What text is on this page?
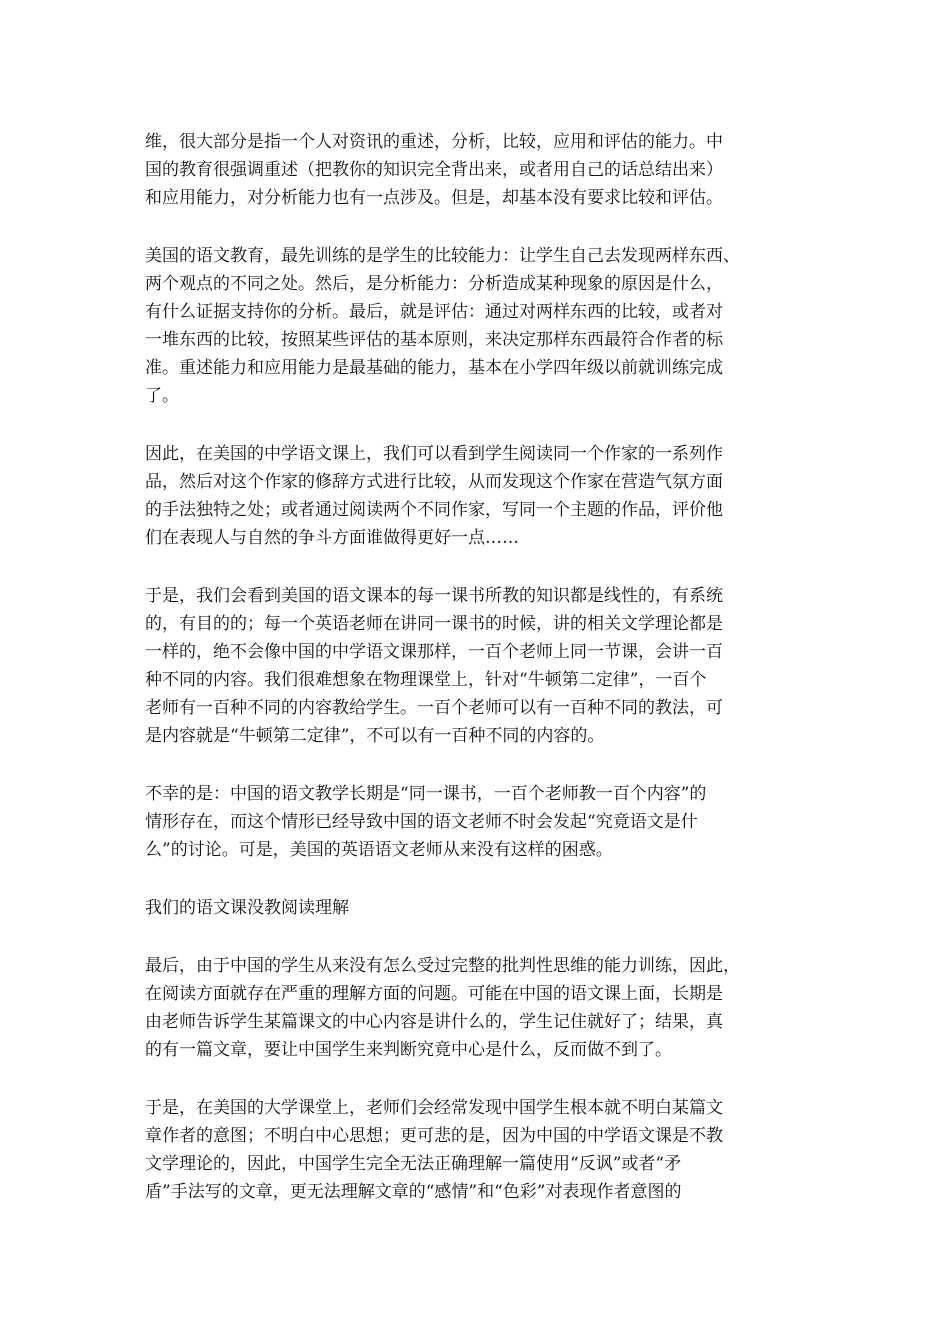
维，很大部分是指一个人对资讯的重述，分析，比较，应用和评估的能力。中
国的教育很强调重述（把教你的知识完全背出来，或者用自己的话总结出来）
和应用能力，对分析能力也有一点涉及。但是，却基本没有要求比较和评估。
美国的语文教育，最先训练的是学生的比较能力：让学生自己去发现两样东西、
两个观点的不同之处。然后，是分析能力：分析造成某种现象的原因是什么，
有什么证据支持你的分析。最后，就是评估：通过对两样东西的比较，或者对
一堆东西的比较，按照某些评估的基本原则，来决定那样东西最符合作者的标
准。重述能力和应用能力是最基础的能力，基本在小学四年级以前就训练完成
了。
因此，在美国的中学语文课上，我们可以看到学生阅读同一个作家的一系列作
品，然后对这个作家的修辞方式进行比较，从而发现这个作家在营造气氛方面
的手法独特之处；或者通过阅读两个不同作家，写同一个主题的作品，评价他
们在表现人与自然的争斗方面谁做得更好一点……
于是，我们会看到美国的语文课本的每一课书所教的知识都是线性的，有系统
的，有目的的；每一个英语老师在讲同一课书的时候，讲的相关文学理论都是
一样的，绝不会像中国的中学语文课那样，一百个老师上同一节课，会讲一百
种不同的内容。我们很难想象在物理课堂上，针对“牛顿第二定律”，一百个
老师有一百种不同的内容教给学生。一百个老师可以有一百种不同的教法，可
是内容就是“牛顿第二定律”，不可以有一百种不同的内容的。
不幸的是：中国的语文教学长期是“同一课书，一百个老师教一百个内容”的
情形存在，而这个情形已经导致中国的语文老师不时会发起“究竟语文是什
么”的讨论。可是，美国的英语语文老师从来没有这样的困惑。
我们的语文课没教阅读理解
最后，由于中国的学生从来没有怎么受过完整的批判性思维的能力训练，因此，
在阅读方面就存在严重的理解方面的问题。可能在中国的语文课上面，长期是
由老师告诉学生某篇课文的中心内容是讲什么的，学生记住就好了；结果，真
的有一篇文章，要让中国学生来判断究竟中心是什么，反而做不到了。
于是，在美国的大学课堂上，老师们会经常发现中国学生根本就不明白某篇文
章作者的意图；不明白中心思想；更可悲的是，因为中国的中学语文课是不教
文学理论的，因此，中国学生完全无法正确理解一篇使用“反讽”或者“矛
盾”手法写的文章，更无法理解文章的“感情”和“色彩”对表现作者意图的
